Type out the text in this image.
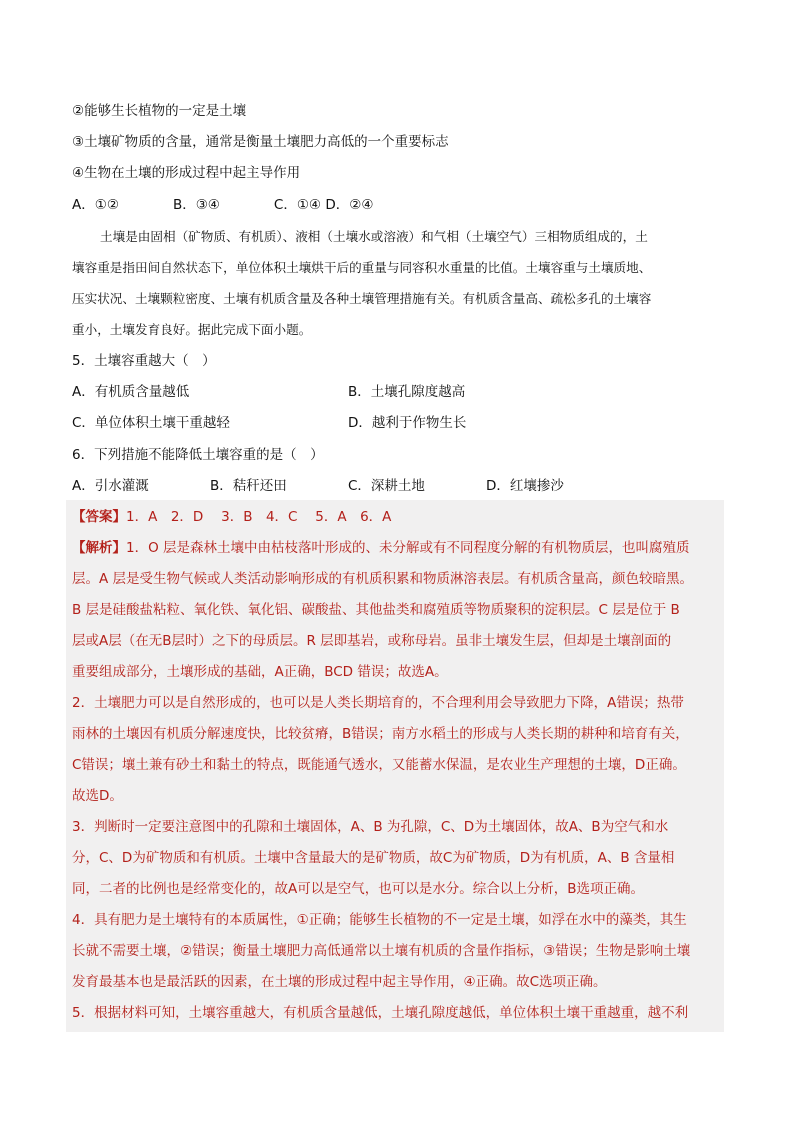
②能够生长植物的一定是土壤
③土壤矿物质的含量，通常是衡量土壤肥力高低的一个重要标志
④生物在土壤的形成过程中起主导作用
A．①②　　　　B．③④　　　　C．①④ D．②④
土壤是由固相（矿物质、有机质）、液相（土壤水或溶液）和气相（土壤空气）三相物质组成的，土
壤容重是指田间自然状态下，单位体积土壤烘干后的重量与同容积水重量的比值。土壤容重与土壤质地、
压实状况、土壤颗粒密度、土壤有机质含量及各种土壤管理措施有关。有机质含量高、疏松多孔的土壤容
重小，土壤发育良好。据此完成下面小题。
5．土壤容重越大（　）
A．有机质含量越低	B．土壤孔隙度越高
C．单位体积土壤干重越轻	D．越利于作物生长
6．下列措施不能降低土壤容重的是（　）
A．引水灌溉	B．秸秆还田	C．深耕土地	D．红壤掺沙
【答案】1．A　2．D　 3．B　4．C　 5．A　6．A
【解析】1．O 层是森林土壤中由枯枝落叶形成的、未分解或有不同程度分解的有机物质层，也叫腐殖质
层。A 层是受生物气候或人类活动影响形成的有机质积累和物质淋溶表层。有机质含量高，颜色较暗黑。
B 层是硅酸盐粘粒、氧化铁、氧化铝、碳酸盐、其他盐类和腐殖质等物质聚积的淀积层。C 层是位于 B
层或A层（在无B层时）之下的母质层。R 层即基岩，或称母岩。虽非土壤发生层，但却是土壤剖面的
重要组成部分，土壤形成的基础，A正确，BCD 错误；故选A。
2．土壤肥力可以是自然形成的，也可以是人类长期培育的，不合理利用会导致肥力下降，A错误；热带
雨林的土壤因有机质分解速度快，比较贫瘠，B错误；南方水稻土的形成与人类长期的耕种和培育有关，
C错误；壤土兼有砂土和黏土的特点，既能通气透水，又能蓄水保温，是农业生产理想的土壤，D正确。
故选D。
3．判断时一定要注意图中的孔隙和土壤固体，A、B 为孔隙，C、D为土壤固体，故A、B为空气和水
分，C、D为矿物质和有机质。土壤中含量最大的是矿物质，故C为矿物质，D为有机质，A、B 含量相
同，二者的比例也是经常变化的，故A可以是空气，也可以是水分。综合以上分析，B选项正确。
4．具有肥力是土壤特有的本质属性，①正确；能够生长植物的不一定是土壤，如浮在水中的藻类，其生
长就不需要土壤，②错误；衡量土壤肥力高低通常以土壤有机质的含量作指标，③错误；生物是影响土壤
发育最基本也是最活跃的因素，在土壤的形成过程中起主导作用，④正确。故C选项正确。
5．根据材料可知，土壤容重越大，有机质含量越低，土壤孔隙度越低，单位体积土壤干重越重，越不利
